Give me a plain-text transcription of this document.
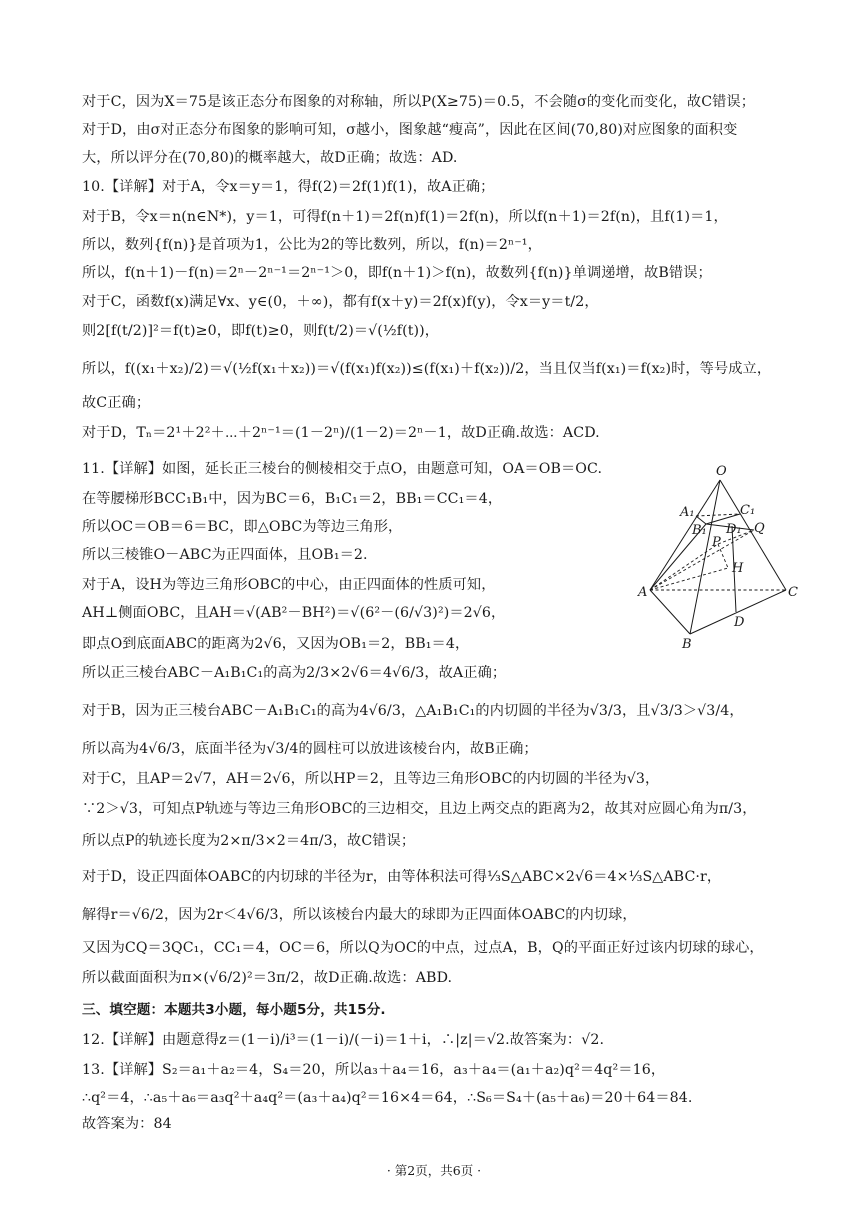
对于C，因为X＝75是该正态分布图象的对称轴，所以P(X≥75)＝0.5，不会随σ的变化而变化，故C错误；
对于D，由σ对正态分布图象的影响可知，σ越小，图象越“瘦高”，因此在区间(70,80)对应图象的面积变
大，所以评分在(70,80)的概率越大，故D正确；故选：AD.
10.【详解】对于A，令x＝y＝1，得f(2)＝2f(1)f(1)，故A正确；
对于B，令x＝n(n∈N*)，y＝1，可得f(n＋1)＝2f(n)f(1)＝2f(n)，所以f(n＋1)＝2f(n)，且f(1)＝1，
所以，数列{f(n)}是首项为1，公比为2的等比数列，所以，f(n)＝2ⁿ⁻¹，
所以，f(n＋1)－f(n)＝2ⁿ－2ⁿ⁻¹＝2ⁿ⁻¹＞0，即f(n＋1)＞f(n)，故数列{f(n)}单调递增，故B错误；
对于C，函数f(x)满足∀x、y∈(0，＋∞)，都有f(x＋y)＝2f(x)f(y)，令x＝y＝t/2，
则2[f(t/2)]²＝f(t)≥0，即f(t)≥0，则f(t/2)＝√(½f(t))，
所以，f((x₁＋x₂)/2)＝√(½f(x₁＋x₂))＝√(f(x₁)f(x₂))≤(f(x₁)＋f(x₂))/2，当且仅当f(x₁)＝f(x₂)时，等号成立，
故C正确；
对于D，Tₙ＝2¹＋2²＋⋯＋2ⁿ⁻¹＝(1－2ⁿ)/(1－2)＝2ⁿ－1，故D正确.故选：ACD.
11.【详解】如图，延长正三棱台的侧棱相交于点O，由题意可知，OA＝OB＝OC.
在等腰梯形BCC₁B₁中，因为BC＝6，B₁C₁＝2，BB₁＝CC₁＝4，
所以OC＝OB＝6＝BC，即△OBC为等边三角形，
所以三棱锥O－ABC为正四面体，且OB₁＝2.
对于A，设H为等边三角形OBC的中心，由正四面体的性质可知，
AH⊥侧面OBC，且AH＝√(AB²－BH²)＝√(6²－(6/√3)²)＝2√6，
即点O到底面ABC的距离为2√6，又因为OB₁＝2，BB₁＝4，
所以正三棱台ABC－A₁B₁C₁的高为2/3×2√6＝4√6/3，故A正确；
对于B，因为正三棱台ABC－A₁B₁C₁的高为4√6/3，△A₁B₁C₁的内切圆的半径为√3/3，且√3/3＞√3/4，
所以高为4√6/3，底面半径为√3/4的圆柱可以放进该棱台内，故B正确；
对于C，且AP＝2√7，AH＝2√6，所以HP＝2，且等边三角形OBC的内切圆的半径为√3，
∵2＞√3，可知点P轨迹与等边三角形OBC的三边相交，且边上两交点的距离为2，故其对应圆心角为π/3，
所以点P的轨迹长度为2×π/3×2＝4π/3，故C错误；
对于D，设正四面体OABC的内切球的半径为r，由等体积法可得⅓S△ABC×2√6＝4×⅓S△ABC·r，
解得r＝√6/2，因为2r＜4√6/3，所以该棱台内最大的球即为正四面体OABC的内切球，
又因为CQ＝3QC₁，CC₁＝4，OC＝6，所以Q为OC的中点，过点A，B，Q的平面正好过该内切球的球心，
所以截面面积为π×(√6/2)²＝3π/2，故D正确.故选：ABD.
三、填空题：本题共3小题，每小题5分，共15分.
12.【详解】由题意得z＝(1－i)/i³＝(1－i)/(－i)＝1＋i，∴|z|＝√2.故答案为：√2.
13.【详解】S₂＝a₁＋a₂＝4，S₄＝20，所以a₃＋a₄＝16，a₃＋a₄＝(a₁＋a₂)q²＝4q²＝16，
∴q²＝4，∴a₅＋a₆＝a₃q²＋a₄q²＝(a₃＋a₄)q²＝16×4＝64，∴S₆＝S₄＋(a₅＋a₆)＝20＋64＝84.
故答案为：84
O
A₁	C₁
B₁ D₁ Q
P
H
A	C
D
B
· 第2页，共6页 ·
